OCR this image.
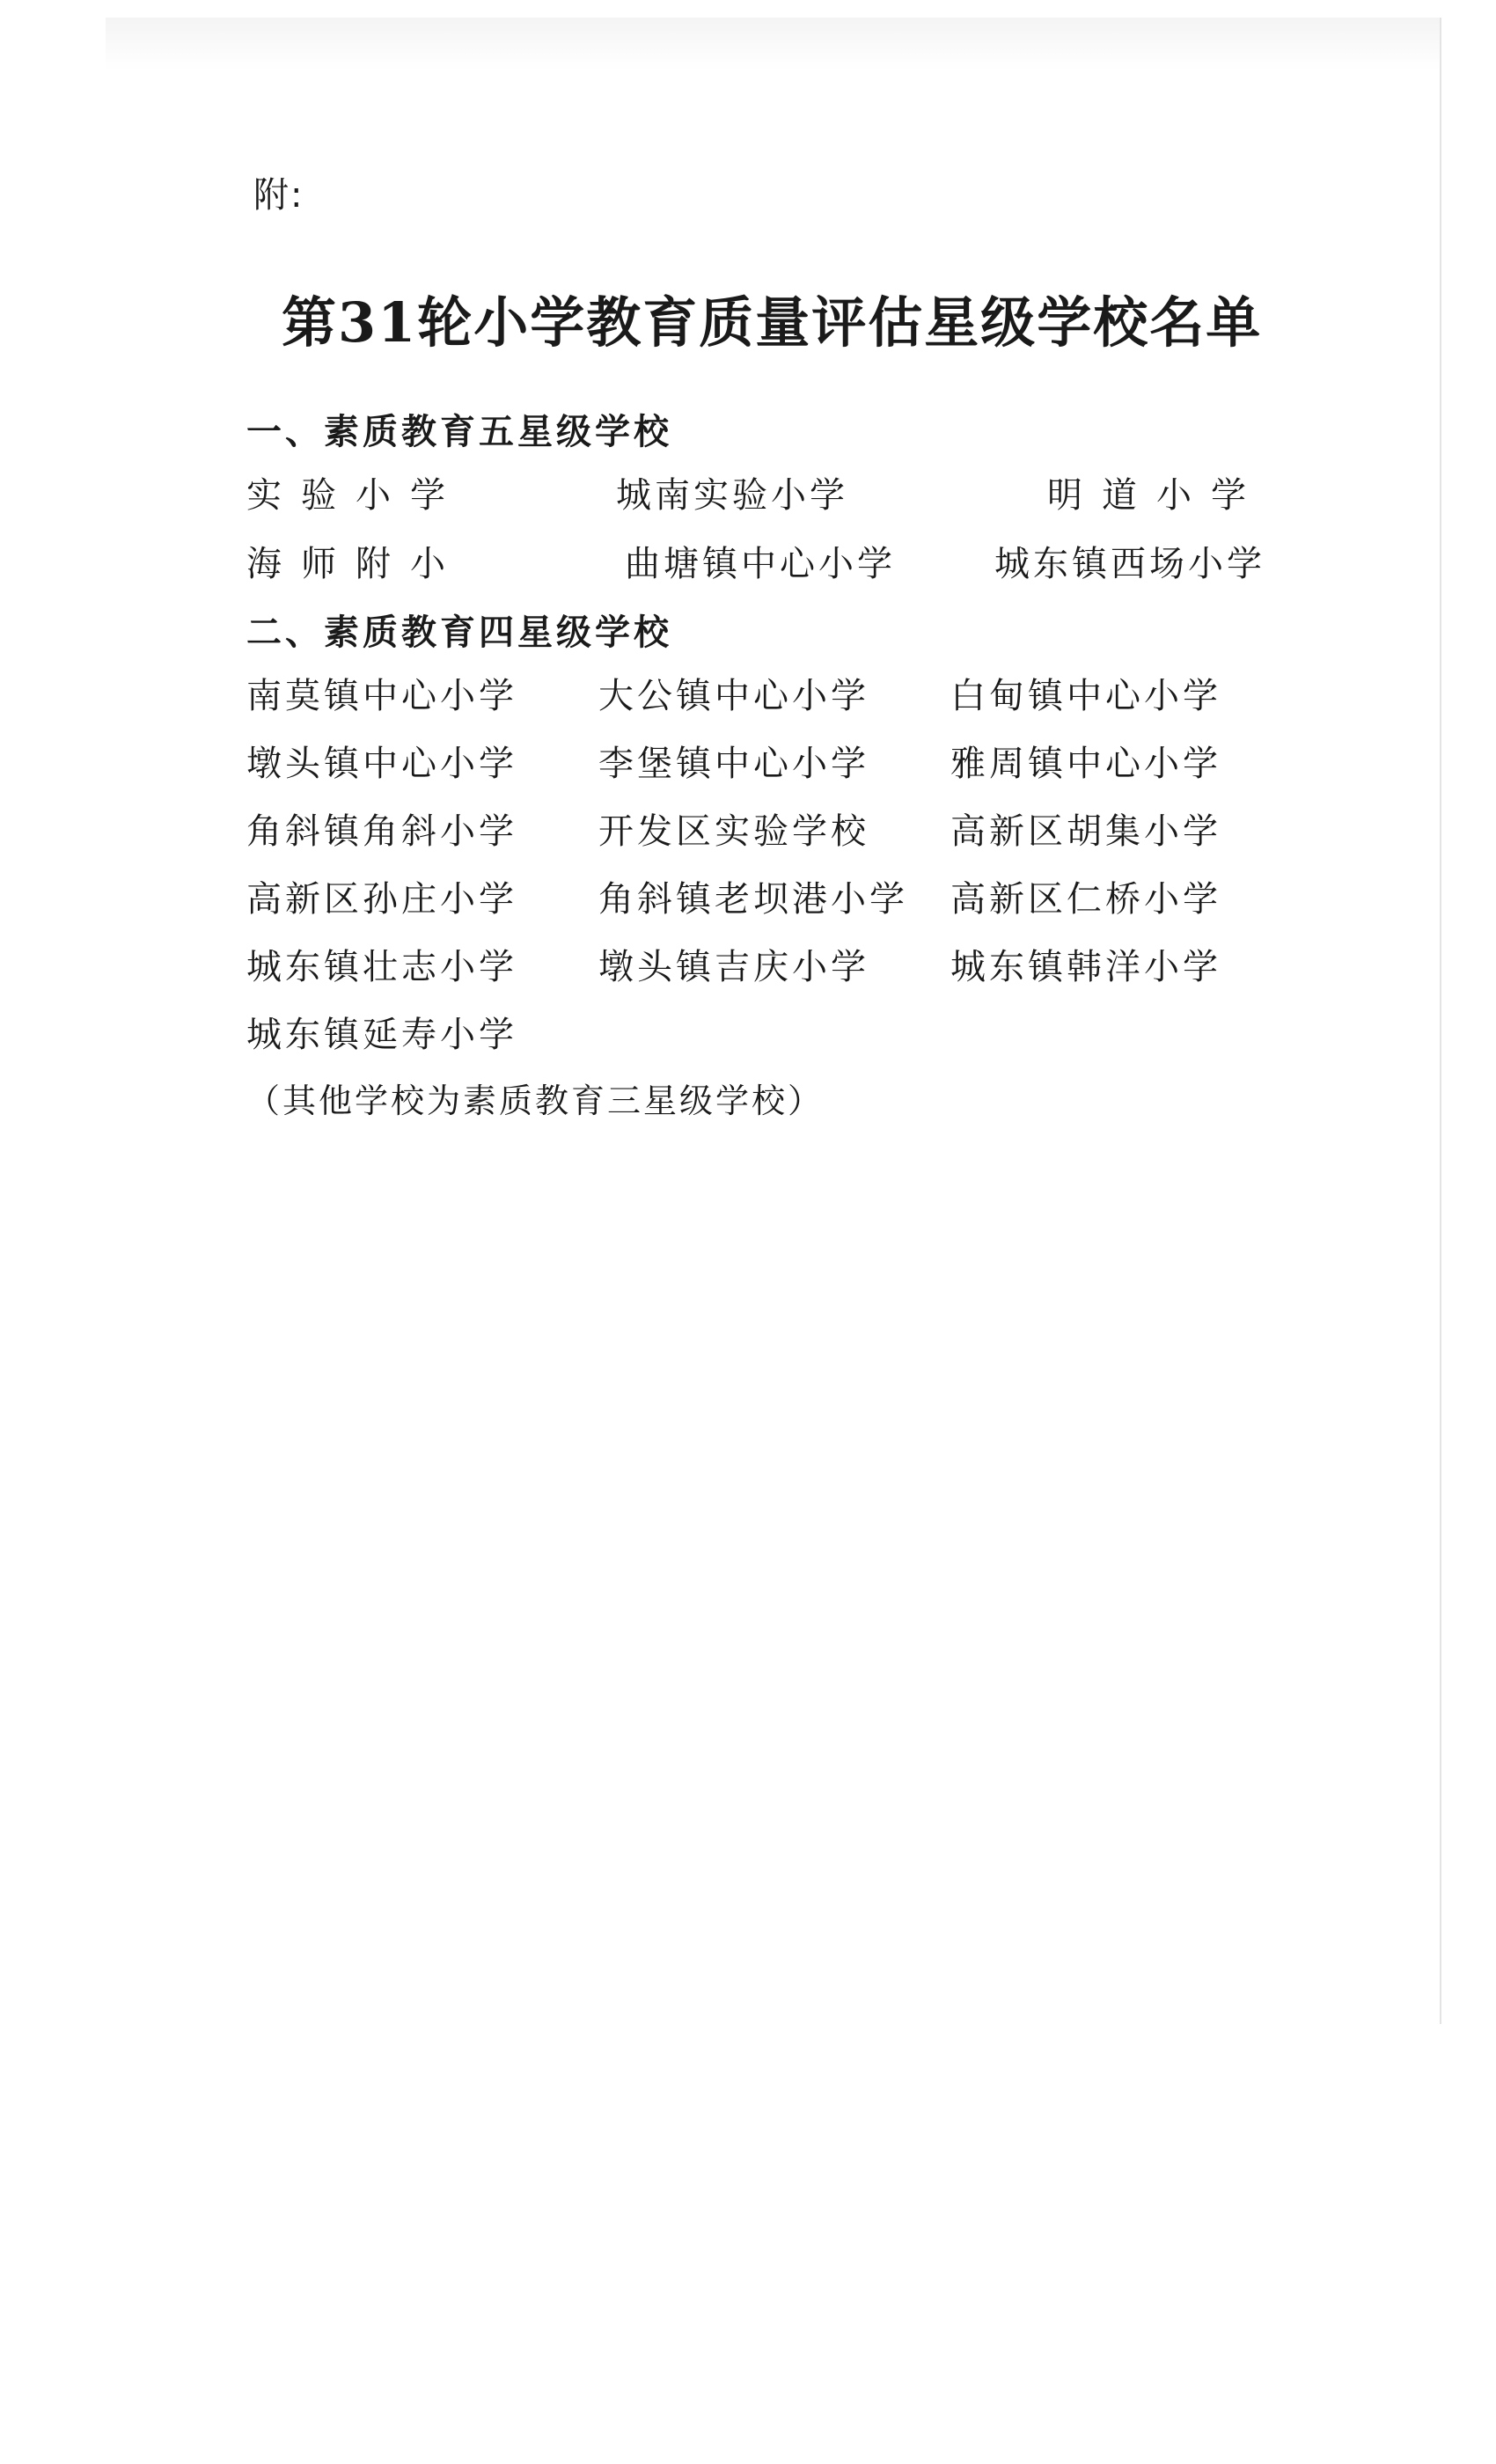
附:
第31轮小学教育质量评估星级学校名单
一、素质教育五星级学校
实验小学	城南实验小学	明道小学
海师附小	曲塘镇中心小学	城东镇西场小学
二、素质教育四星级学校
南莫镇中心小学	大公镇中心小学	白甸镇中心小学
墩头镇中心小学	李堡镇中心小学	雅周镇中心小学
角斜镇角斜小学	开发区实验学校	高新区胡集小学
高新区孙庄小学	角斜镇老坝港小学	高新区仁桥小学
城东镇壮志小学	墩头镇吉庆小学	城东镇韩洋小学
城东镇延寿小学
（其他学校为素质教育三星级学校）
